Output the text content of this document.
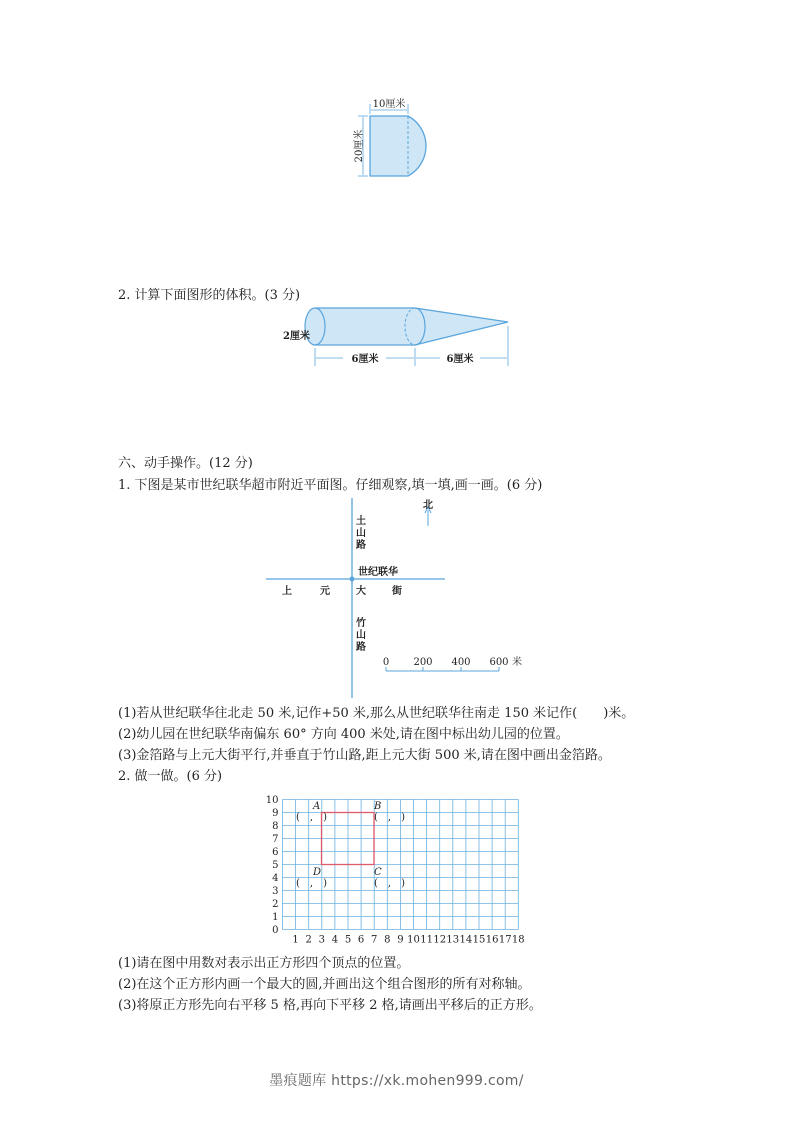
10厘米
20厘米
2. 计算下面图形的体积。(3 分)
2厘米
6厘米	6厘米
六、动手操作。(12 分)
1. 下图是某市世纪联华超市附近平面图。仔细观察,填一填,画一画。(6 分)
北
土
山
路
世纪联华
上	元	大	街
竹
山
路
0 200 400 600 米
(1)若从世纪联华往北走 50 米,记作+50 米,那么从世纪联华往南走 150 米记作(　　)米。
(2)幼儿园在世纪联华南偏东 60° 方向 400 米处,请在图中标出幼儿园的位置。
(3)金箔路与上元大街平行,并垂直于竹山路,距上元大街 500 米,请在图中画出金箔路。
2. 做一做。(6 分)
0
1
2
3
4
5
6
7
8
9
10
1 2 3 4 5 6 7 8 9 10 11 12 13 14 15 16 17 18
A
(　,　)
B
(　,　)
C
(　,　)
D
(　,　)
(1)请在图中用数对表示出正方形四个顶点的位置。
(2)在这个正方形内画一个最大的圆,并画出这个组合图形的所有对称轴。
(3)将原正方形先向右平移 5 格,再向下平移 2 格,请画出平移后的正方形。
墨痕题库 https://xk.mohen999.com/
